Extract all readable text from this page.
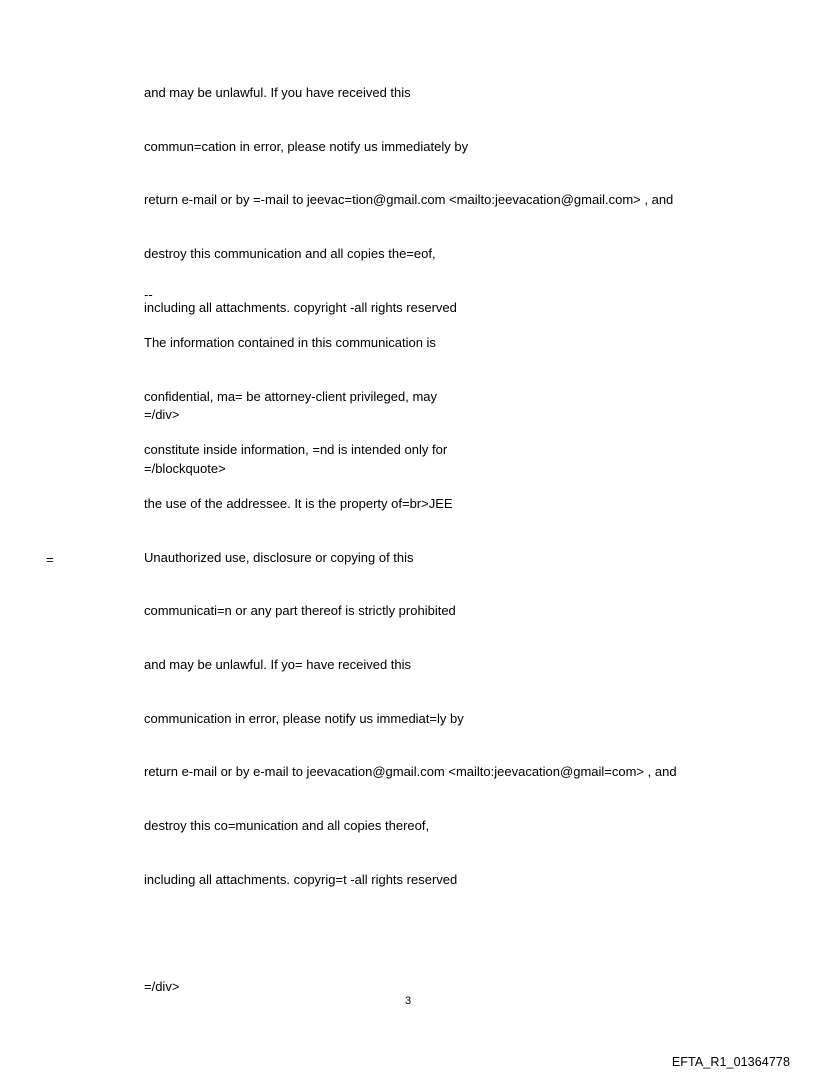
and may be unlawful. If you have received this

commun=cation in error, please notify us immediately by

return e-mail or by =-mail to jeevac=tion@gmail.com <mailto:jeevacation@gmail.com> , and

destroy this communication and all copies the=eof,

including all attachments. copyright -all rights reserved

=/div>

=/blockquote>

--

The information contained in this communication is

confidential, ma= be attorney-client privileged, may

constitute inside information, =nd is intended only for

the use of the addressee. It is the property of=br>JEE

Unauthorized use, disclosure or copying of this

communicati=n or any part thereof is strictly prohibited

and may be unlawful. If yo= have received this

communication in error, please notify us immediat=ly by

return e-mail or by e-mail to jeevacation@gmail.com <mailto:jeevacation@gmail=com> , and

destroy this co=munication and all copies thereof,

including all attachments. copyrig=t -all rights reserved

=/div>

=
3
EFTA_R1_01364778
